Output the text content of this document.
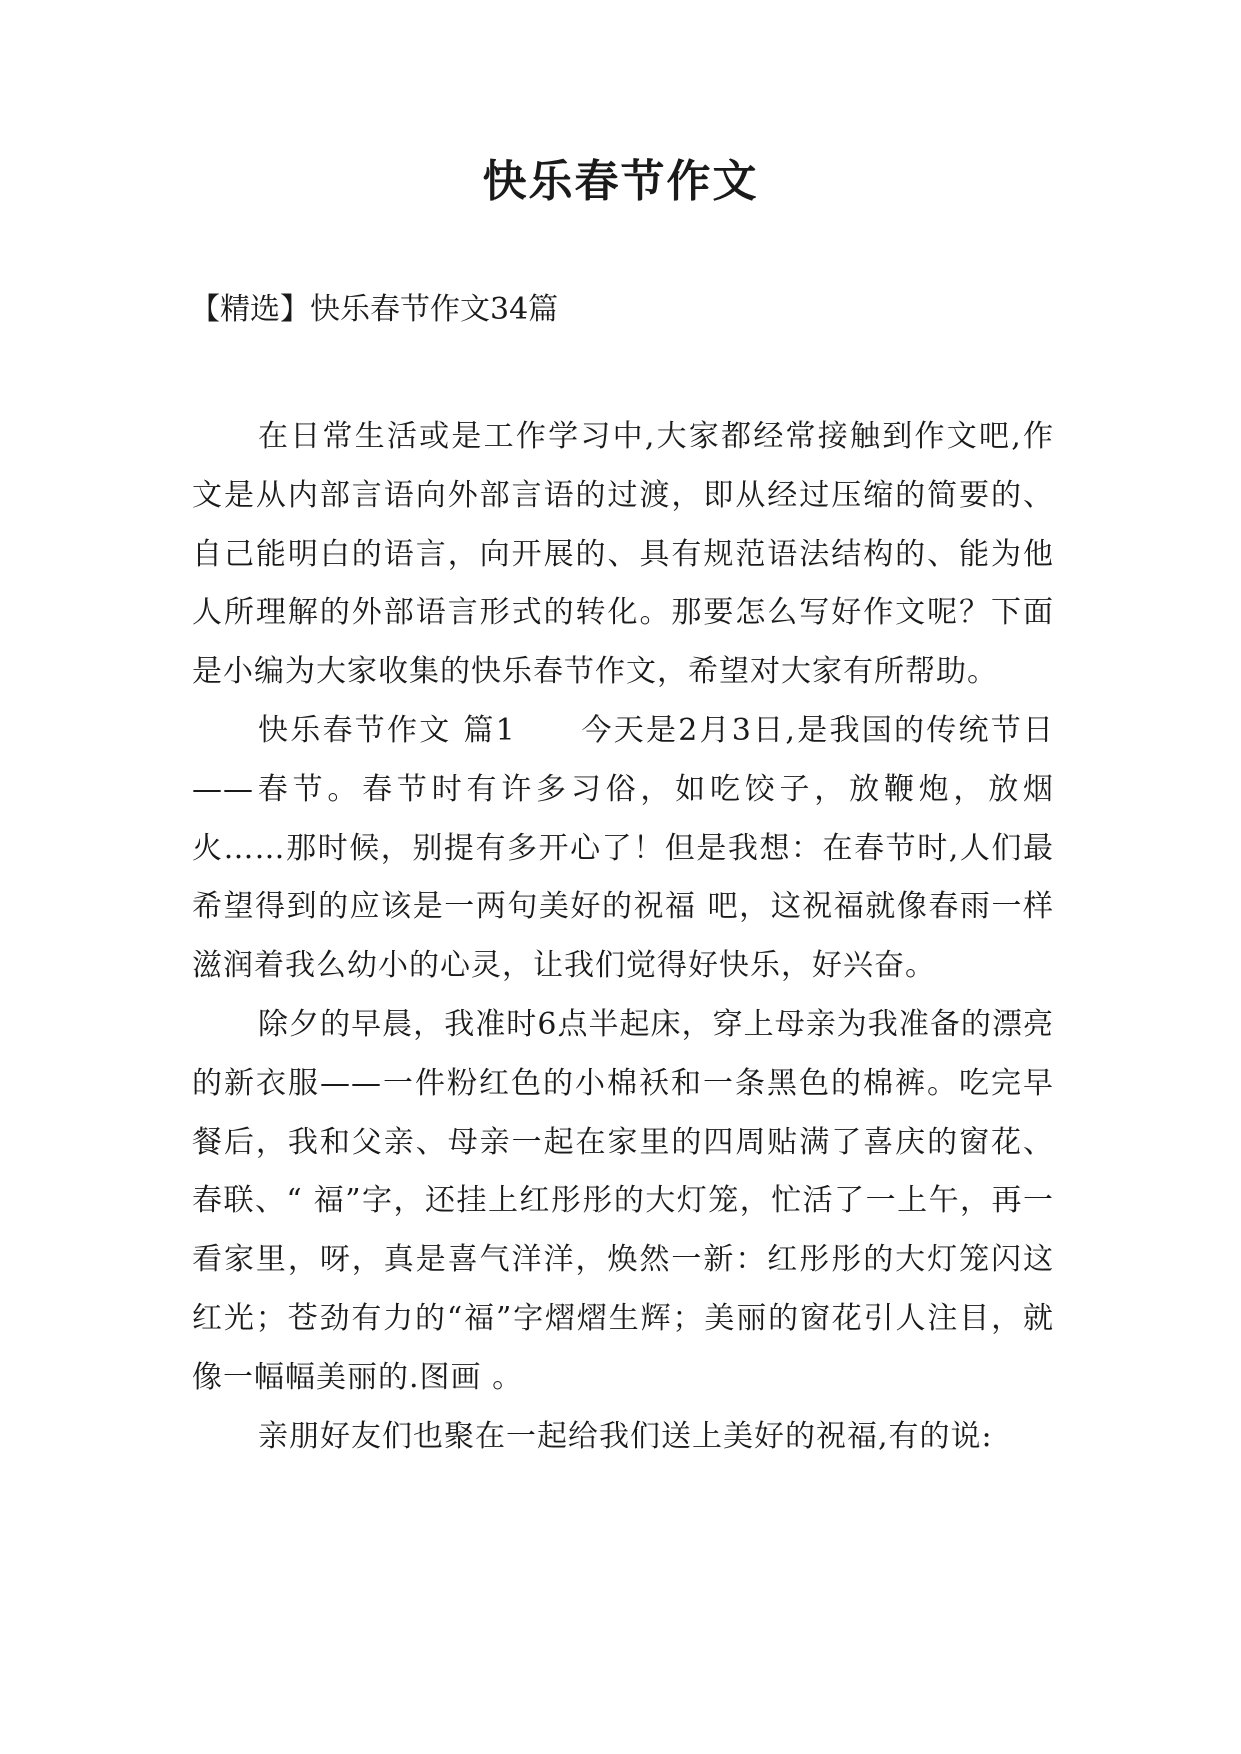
快乐春节作文

【精选】快乐春节作文34篇

在日常生活或是工作学习中,大家都经常接触到作文吧,作文是从内部言语向外部言语的过渡，即从经过压缩的简要的、自己能明白的语言，向开展的、具有规范语法结构的、能为他人所理解的外部语言形式的转化。那要怎么写好作文呢？下面是小编为大家收集的快乐春节作文，希望对大家有所帮助。

快乐春节作文 篇1　　今天是2月3日,是我国的传统节日——春节。春节时有许多习俗，如吃饺子，放鞭炮，放烟火……那时候，别提有多开心了！但是我想：在春节时,人们最希望得到的应该是一两句美好的祝福 吧，这祝福就像春雨一样滋润着我么幼小的心灵，让我们觉得好快乐，好兴奋。

除夕的早晨，我准时6点半起床，穿上母亲为我准备的漂亮的新衣服——一件粉红色的小棉袄和一条黑色的棉裤。吃完早餐后，我和父亲、母亲一起在家里的四周贴满了喜庆的窗花、春联、“ 福”字，还挂上红彤彤的大灯笼，忙活了一上午，再一看家里，呀，真是喜气洋洋，焕然一新：红彤彤的大灯笼闪这红光；苍劲有力的“福”字熠熠生辉；美丽的窗花引人注目，就像一幅幅美丽的.图画 。

亲朋好友们也聚在一起给我们送上美好的祝福,有的说:
